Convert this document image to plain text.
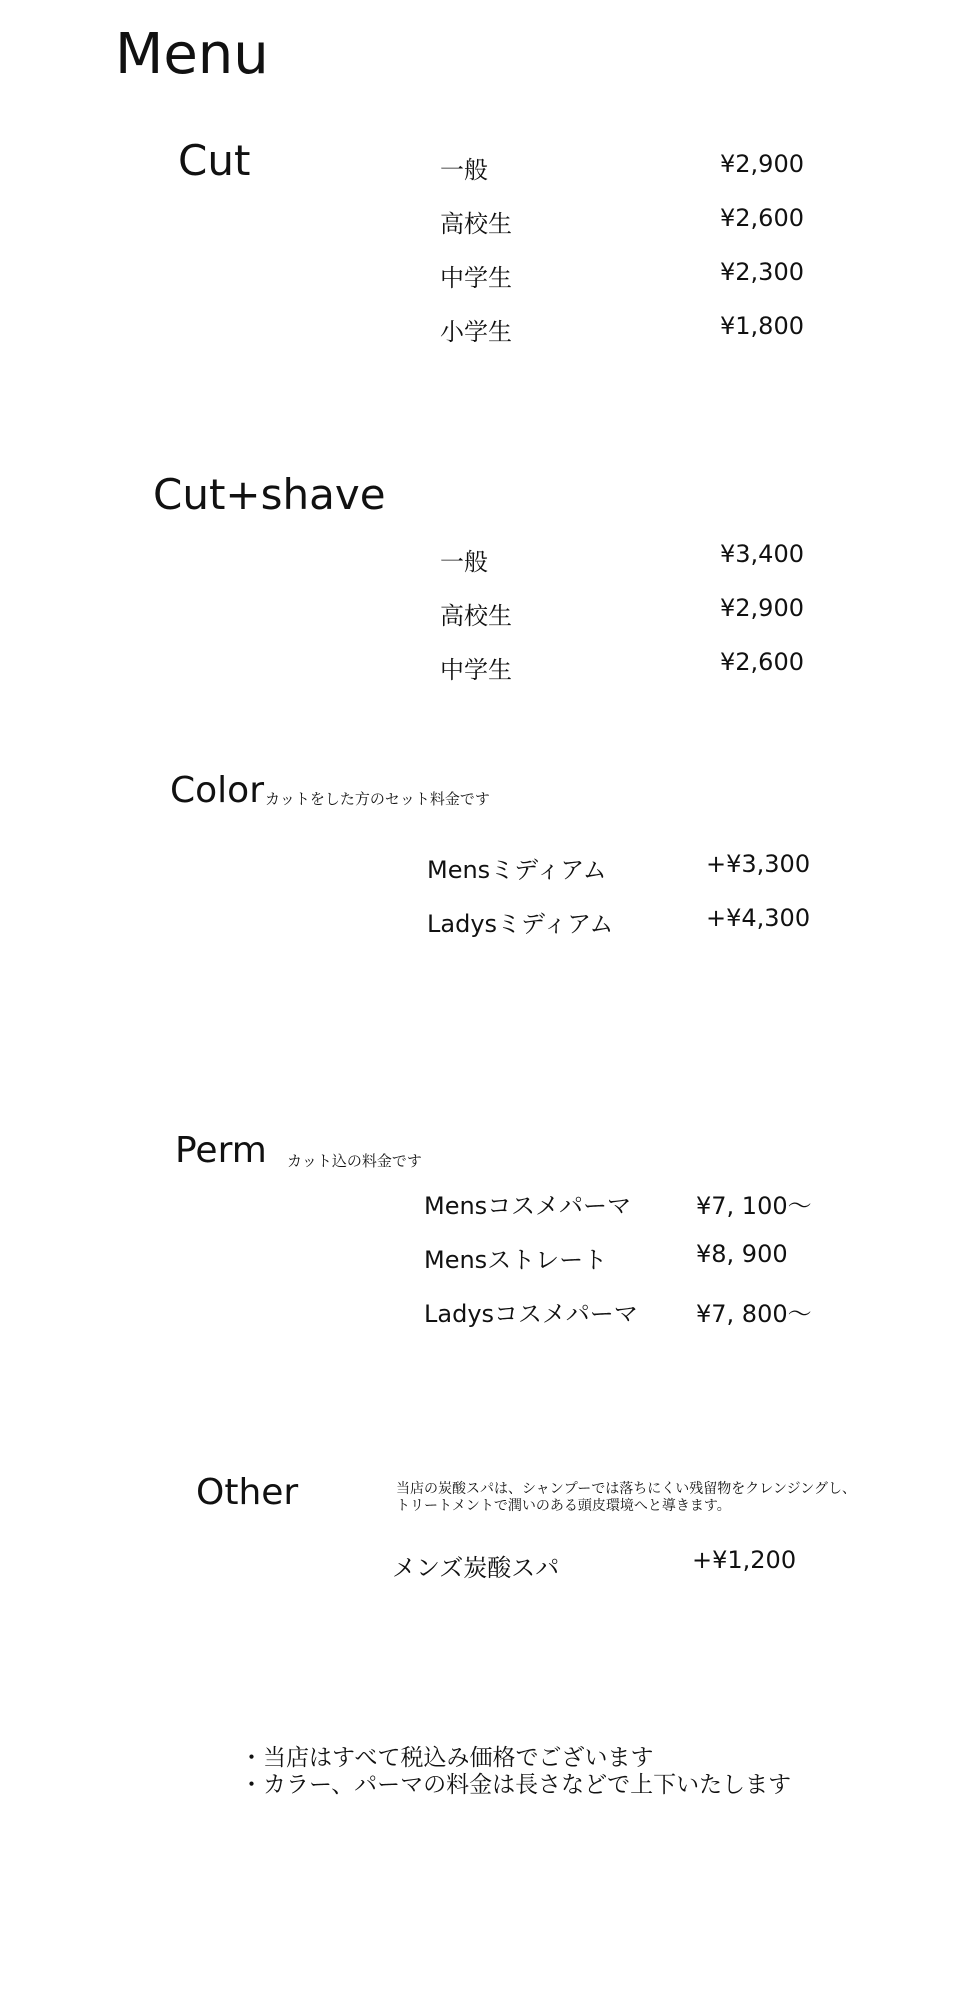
Menu
Cut	一般	¥2,900
高校生	¥2,600
中学生	¥2,300
小学生	¥1,800
Cut+shave
一般	¥3,400
高校生	¥2,900
中学生	¥2,600
Color カットをした方のセット料金です
Mensミディアム	+¥3,300
Ladysミディアム	+¥4,300
Perm カット込の料金です
Mensコスメパーマ	¥7, 100～
Mensストレート	¥8, 900
Ladysコスメパーマ ¥7, 800～
Other	当店の炭酸スパは、シャンプーでは落ちにくい残留物をクレンジングし、
トリートメントで潤いのある頭皮環境へと導きます。
メンズ炭酸スパ	+¥1,200
・当店はすべて税込み価格でございます
・カラー、パーマの料金は長さなどで上下いたします
